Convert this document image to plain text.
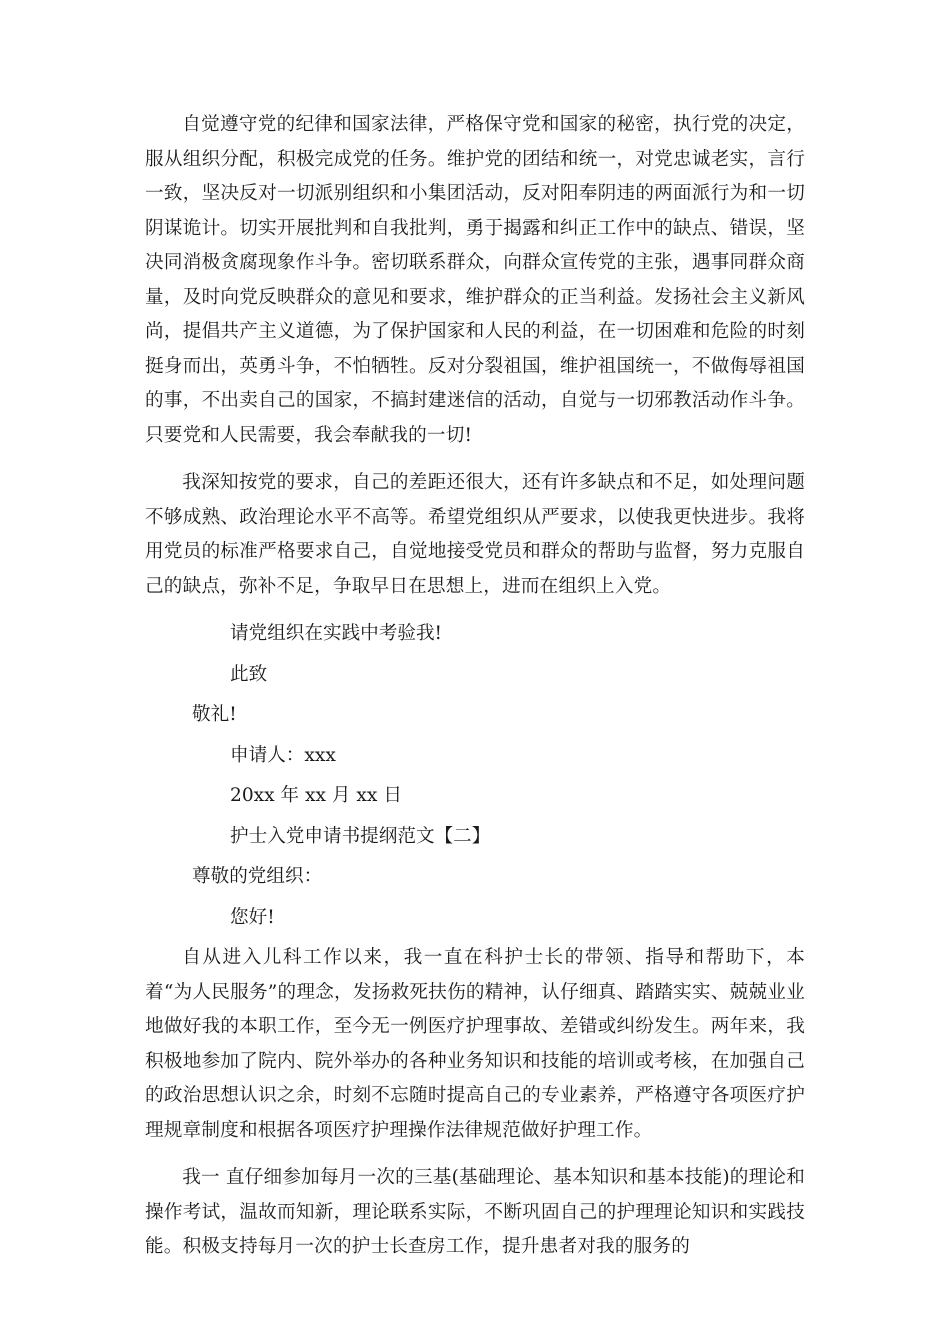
自觉遵守党的纪律和国家法律，严格保守党和国家的秘密，执行党的决定，服从组织分配，积极完成党的任务。维护党的团结和统一，对党忠诚老实，言行一致，坚决反对一切派别组织和小集团活动，反对阳奉阴违的两面派行为和一切阴谋诡计。切实开展批判和自我批判，勇于揭露和纠正工作中的缺点、错误，坚决同消极贪腐现象作斗争。密切联系群众，向群众宣传党的主张，遇事同群众商量，及时向党反映群众的意见和要求，维护群众的正当利益。发扬社会主义新风尚，提倡共产主义道德，为了保护国家和人民的利益，在一切困难和危险的时刻挺身而出，英勇斗争，不怕牺牲。反对分裂祖国，维护祖国统一，不做侮辱祖国的事，不出卖自己的国家，不搞封建迷信的活动，自觉与一切邪教活动作斗争。只要党和人民需要，我会奉献我的一切!

我深知按党的要求，自己的差距还很大，还有许多缺点和不足，如处理问题不够成熟、政治理论水平不高等。希望党组织从严要求，以使我更快进步。我将用党员的标准严格要求自己，自觉地接受党员和群众的帮助与监督，努力克服自己的缺点，弥补不足，争取早日在思想上，进而在组织上入党。

请党组织在实践中考验我!

此致

敬礼!

申请人：xxx

20xx 年 xx 月 xx 日

护士入党申请书提纲范文【二】

尊敬的党组织：

您好!

自从进入儿科工作以来，我一直在科护士长的带领、指导和帮助下，本着“为人民服务”的理念，发扬救死扶伤的精神，认仔细真、踏踏实实、兢兢业业地做好我的本职工作，至今无一例医疗护理事故、差错或纠纷发生。两年来，我积极地参加了院内、院外举办的各种业务知识和技能的培训或考核，在加强自己的政治思想认识之余，时刻不忘随时提高自己的专业素养，严格遵守各项医疗护理规章制度和根据各项医疗护理操作法律规范做好护理工作。

我一 直仔细参加每月一次的三基(基础理论、基本知识和基本技能)的理论和操作考试，温故而知新，理论联系实际，不断巩固自己的护理理论知识和实践技能。积极支持每月一次的护士长查房工作，提升患者对我的服务的
